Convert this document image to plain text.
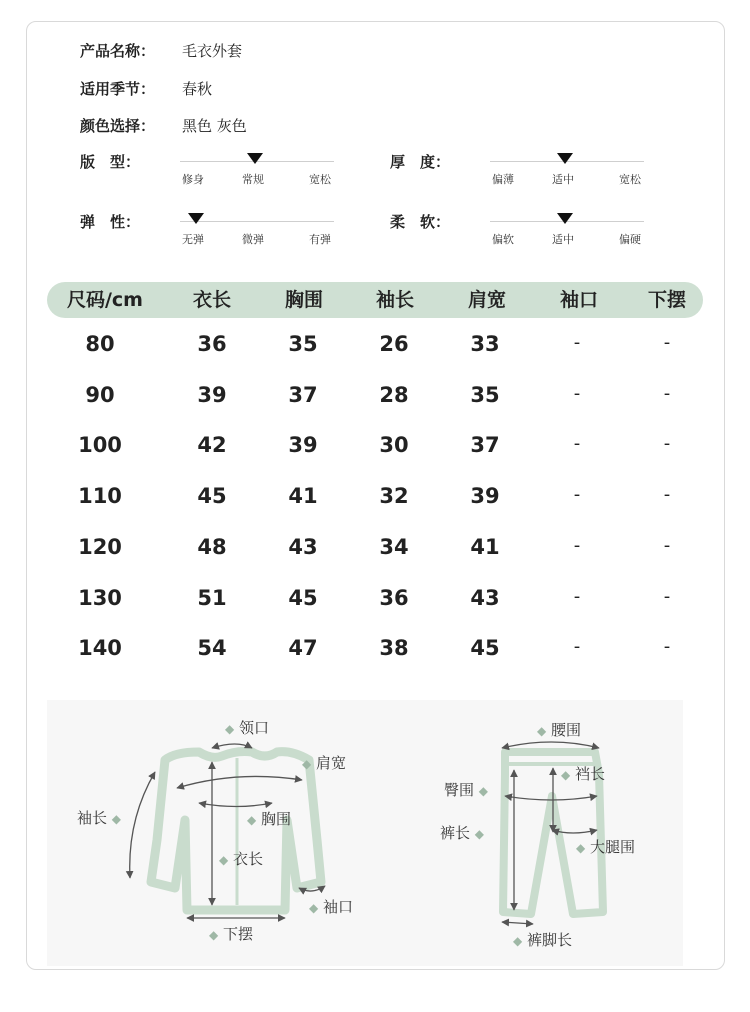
产品名称： 毛衣外套
适用季节： 春秋
颜色选择： 黑色 灰色
版　型：
修身	常规	宽松
厚　度：
偏薄	适中	宽松
弹　性：
无弹	微弹	有弹
柔　软：
偏软	适中	偏硬
尺码/cm	衣长	胸围	袖长	肩宽	袖口	下摆
80	36	35	26	33	-	-
90	39	37	28	35	-	-
100	42	39	30	37	-	-
110	45	41	32	39	-	-
120	48	43	34	41	-	-
130	51	45	36	43	-	-
140	54	47	38	45	-	-
◆ 领口
◆ 肩宽
袖长 ◆	◆ 胸围
◆ 衣长
◆ 袖口
◆ 下摆
◆ 腰围
◆ 裆长
臀围 ◆
裤长 ◆
◆ 大腿围
◆ 裤脚长
